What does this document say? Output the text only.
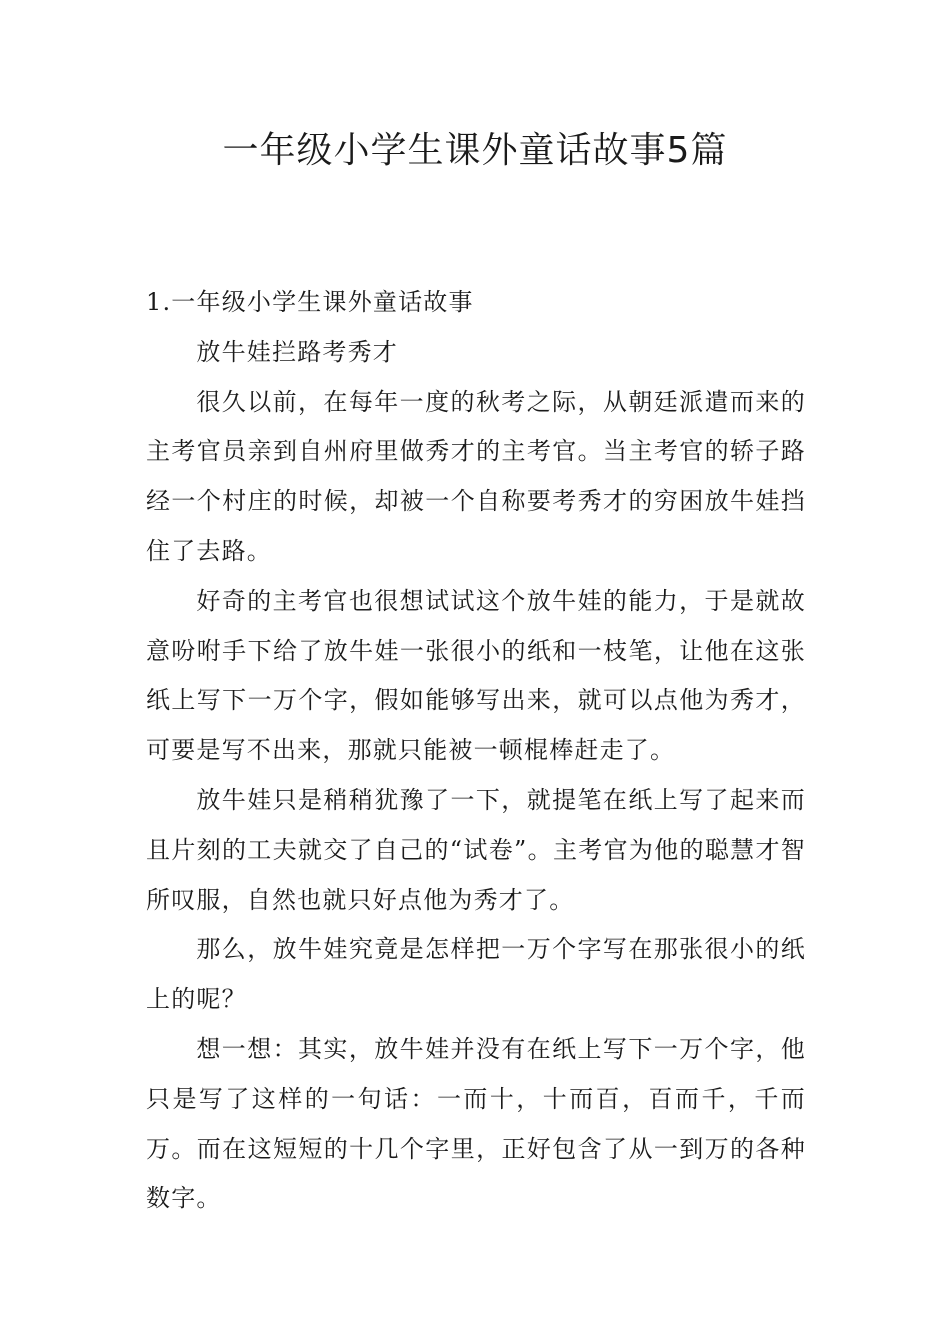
一年级小学生课外童话故事5篇

1.一年级小学生课外童话故事

放牛娃拦路考秀才

很久以前，在每年一度的秋考之际，从朝廷派遣而来的主考官员亲到自州府里做秀才的主考官。当主考官的轿子路经一个村庄的时候，却被一个自称要考秀才的穷困放牛娃挡住了去路。

好奇的主考官也很想试试这个放牛娃的能力，于是就故意吩咐手下给了放牛娃一张很小的纸和一枝笔，让他在这张纸上写下一万个字，假如能够写出来，就可以点他为秀才，可要是写不出来，那就只能被一顿棍棒赶走了。

放牛娃只是稍稍犹豫了一下，就提笔在纸上写了起来而且片刻的工夫就交了自己的“试卷”。主考官为他的聪慧才智所叹服，自然也就只好点他为秀才了。

那么，放牛娃究竟是怎样把一万个字写在那张很小的纸上的呢？

想一想：其实，放牛娃并没有在纸上写下一万个字，他只是写了这样的一句话：一而十，十而百，百而千，千而万。而在这短短的十几个字里，正好包含了从一到万的各种数字。
